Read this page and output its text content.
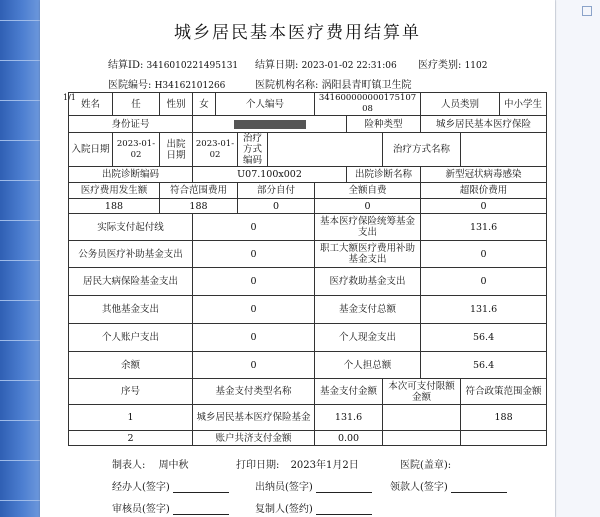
城乡居民基本医疗费用结算单
结算ID: 3416010221495131 结算日期: 2023-01-02 22:31:06 医疗类别: 1102
医院编号: H34162101266	医院机构名称: 涡阳县青町镇卫生院
1/1
姓名	任	性别	女	个人编号			34160000000017510708			人员类别		中小学生
身份证号								险种类型		城乡居民基本医疗保险		
入院日期	2023-01-02	出院日期	2023-01-02		治疗方式编码				治疗方式名称			
出院诊断编码			U07.100x002					出院诊断名称		新型冠状病毒感染		
医疗费用发生额		符合范围费用			部分自付		全额自费			超限价费用		
188		188			0		0			0		
实际支付起付线			0				基本医疗保险统筹基金支出			131.6		
公务员医疗补助基金支出			0				职工大额医疗费用补助基金支出			0		
居民大病保险基金支出			0				医疗救助基金支出			0		
其他基金支出			0				基金支付总额			131.6		
个人账户支出			0				个人现金支出			56.4		
余额			0				个人担总额			56.4		
序号			基金支付类型名称				基金支付金额		本次可支付限额金额		符合政策范围金额	
1			城乡居民基本医疗保险基金				131.6				188	
2			账户共济支付金额				0.00					
制表人: 周中秋	打印日期: 2023年1月2日	医院(盖章):
经办人(签字)	出纳员(签字)	领款人(签字)
审核员(签字)	复制人(签约)
